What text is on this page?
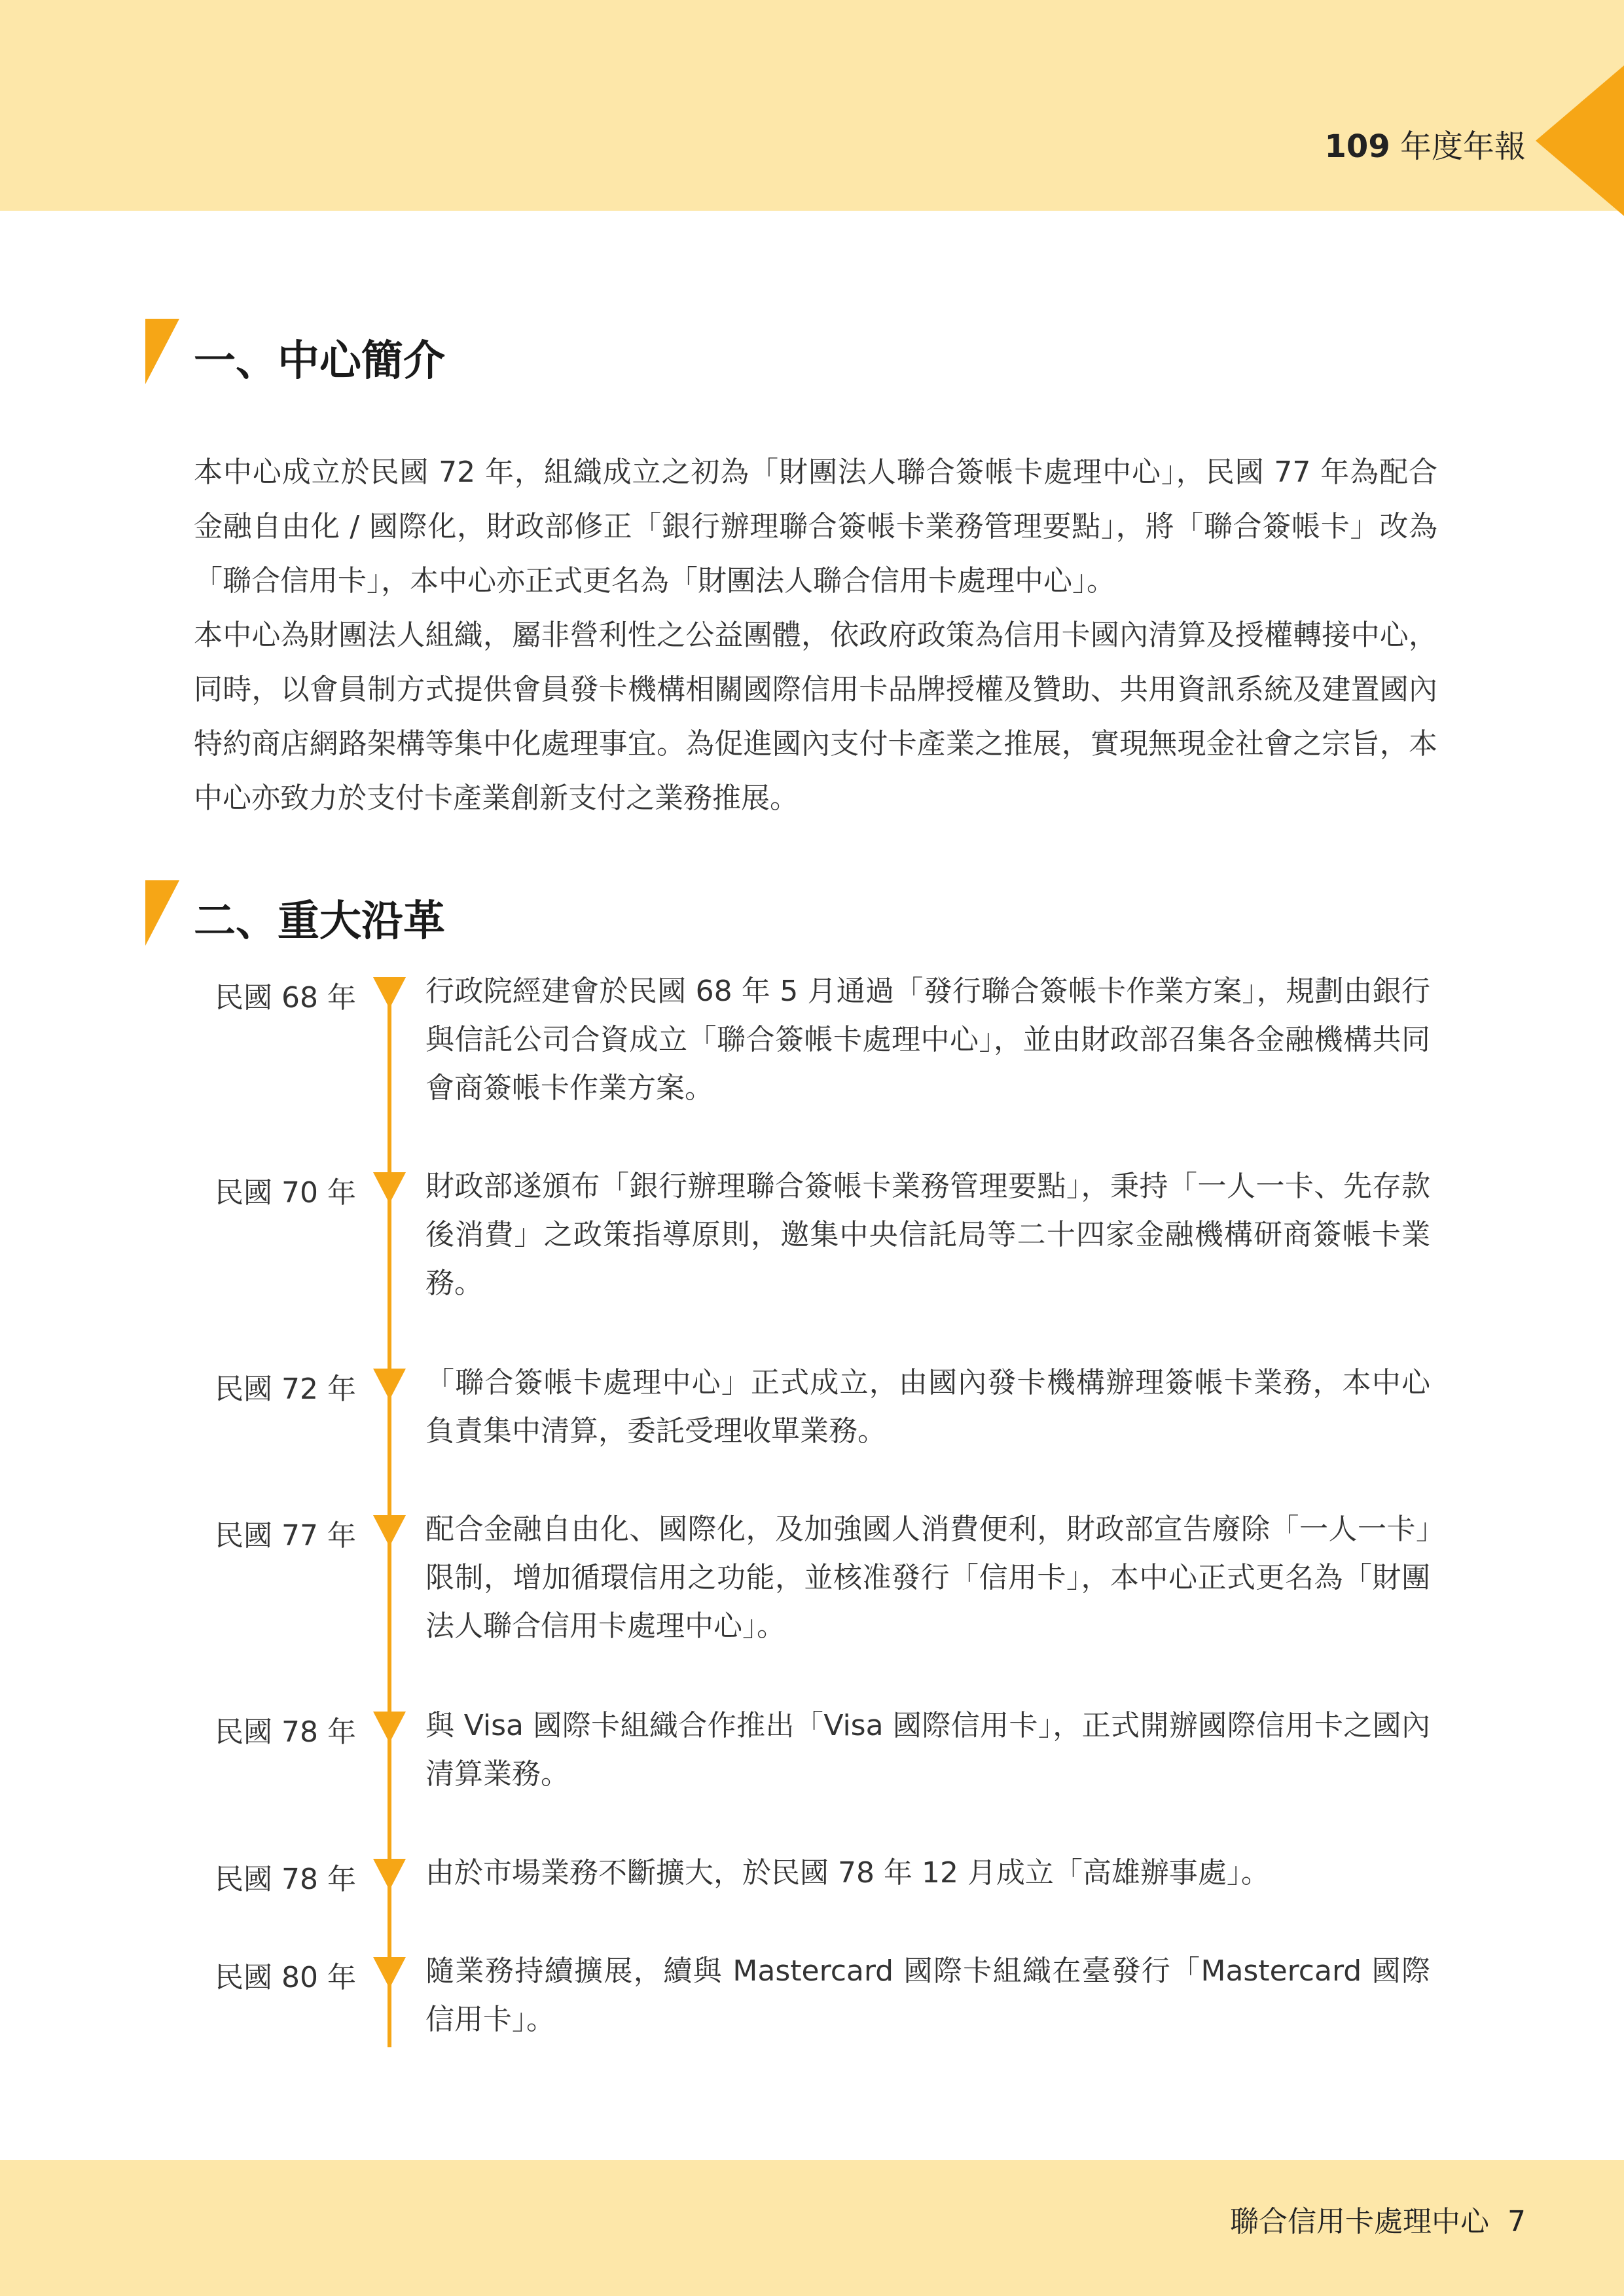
109 年度年報
一、中心簡介

本中心成立於民國 72 年，組織成立之初為「財團法人聯合簽帳卡處理中心」，民國 77 年為配合金融自由化 / 國際化，財政部修正「銀行辦理聯合簽帳卡業務管理要點」，將「聯合簽帳卡」改為「聯合信用卡」，本中心亦正式更名為「財團法人聯合信用卡處理中心」。

本中心為財團法人組織，屬非營利性之公益團體，依政府政策為信用卡國內清算及授權轉接中心，同時，以會員制方式提供會員發卡機構相關國際信用卡品牌授權及贊助、共用資訊系統及建置國內特約商店網路架構等集中化處理事宜。為促進國內支付卡產業之推展，實現無現金社會之宗旨，本中心亦致力於支付卡產業創新支付之業務推展。

二、重大沿革
民國 68 年 行政院經建會於民國 68 年 5 月通過「發行聯合簽帳卡作業方案」，規劃由銀行與信託公司合資成立「聯合簽帳卡處理中心」，並由財政部召集各金融機構共同會商簽帳卡作業方案。

民國 70 年 財政部遂頒布「銀行辦理聯合簽帳卡業務管理要點」，秉持「一人一卡、先存款後消費」之政策指導原則，邀集中央信託局等二十四家金融機構研商簽帳卡業務。

民國 72 年 「聯合簽帳卡處理中心」正式成立，由國內發卡機構辦理簽帳卡業務，本中心負責集中清算，委託受理收單業務。

民國 77 年 配合金融自由化、國際化，及加強國人消費便利，財政部宣告廢除「一人一卡」限制，增加循環信用之功能，並核准發行「信用卡」，本中心正式更名為「財團法人聯合信用卡處理中心」。

民國 78 年 與 Visa 國際卡組織合作推出「Visa 國際信用卡」，正式開辦國際信用卡之國內清算業務。

民國 78 年 由於市場業務不斷擴大，於民國 78 年 12 月成立「高雄辦事處」。

民國 80 年 隨業務持續擴展，續與 Mastercard 國際卡組織在臺發行「Mastercard 國際信用卡」。

聯合信用卡處理中心 7
